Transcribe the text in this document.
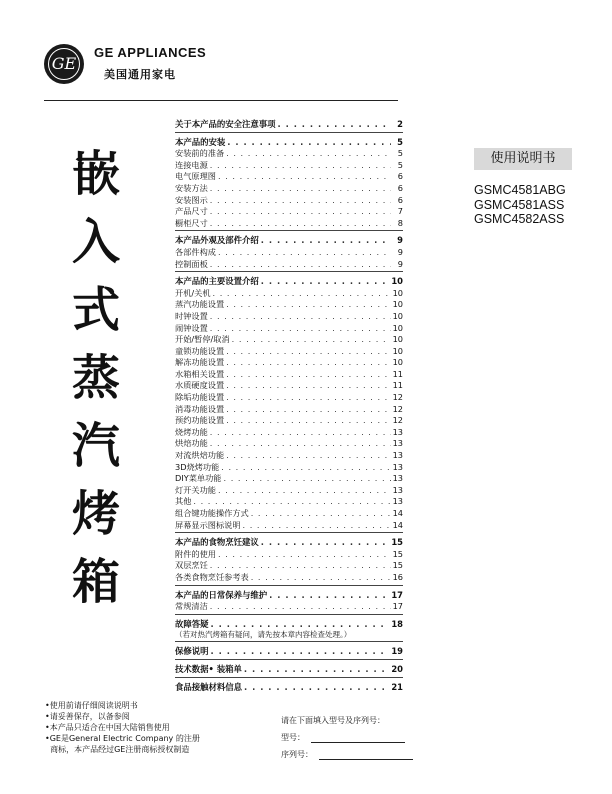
GE
GE APPLIANCES
美国通用家电
嵌
入
式
蒸
汽
烤
箱
关于本产品的安全注意事项 . . .	2
本产品的安装 . . .	5
安装前的准备 . . .	5
连接电源 . . .	5
电气原理图 . . .	6
安装方法 . . .	6
安装图示 . . .	6
产品尺寸 . . .	7
橱柜尺寸 . . .	8
本产品外观及部件介绍 . . .	9
各部件构成 . . .	9
控制面板 . . .	9
本产品的主要设置介绍 . . .	10
开机/关机 . . .	10
蒸汽功能设置 . . .	10
时钟设置 . . .	10
闹钟设置 . . .	10
开始/暂停/取消 . . .	10
童锁功能设置 . . .	10
解冻功能设置 . . .	10
水箱相关设置 . . .	11
水质硬度设置 . . .	11
除垢功能设置 . . .	12
消毒功能设置 . . .	12
预约功能设置 . . .	12
烧烤功能 . . .	13
烘焙功能 . . .	13
对流烘焙功能 . . .	13
3D烧烤功能 . . .	13
DIY菜单功能 . . .	13
灯开关功能 . . .	13
其他 . . .	13
组合键功能操作方式 . . .	14
屏幕显示图标说明 . . .	14
本产品的食物烹饪建议 . . .	15
附件的使用 . . .	15
双层烹饪 . . .	15
各类食物烹饪参考表 . . .	16
本产品的日常保养与维护 . . .	17
常规清洁 . . .	17
故障答疑 . . .	18
（若对热汽烤箱有疑问，请先按本章内容检查处理。）
保修说明 . . .	19
技术数据• 装箱单 . . .	20
食品接触材料信息 . . .	21
使用说明书
GSMC4581ABG
GSMC4581ASS
GSMC4582ASS
•使用前请仔细阅读说明书
•请妥善保存，以备参阅
•本产品只适合在中国大陆销售使用
•GE是General Electric Company 的注册
商标，本产品经过GE注册商标授权制造
请在下面填入型号及序列号：
型号：
序列号：
